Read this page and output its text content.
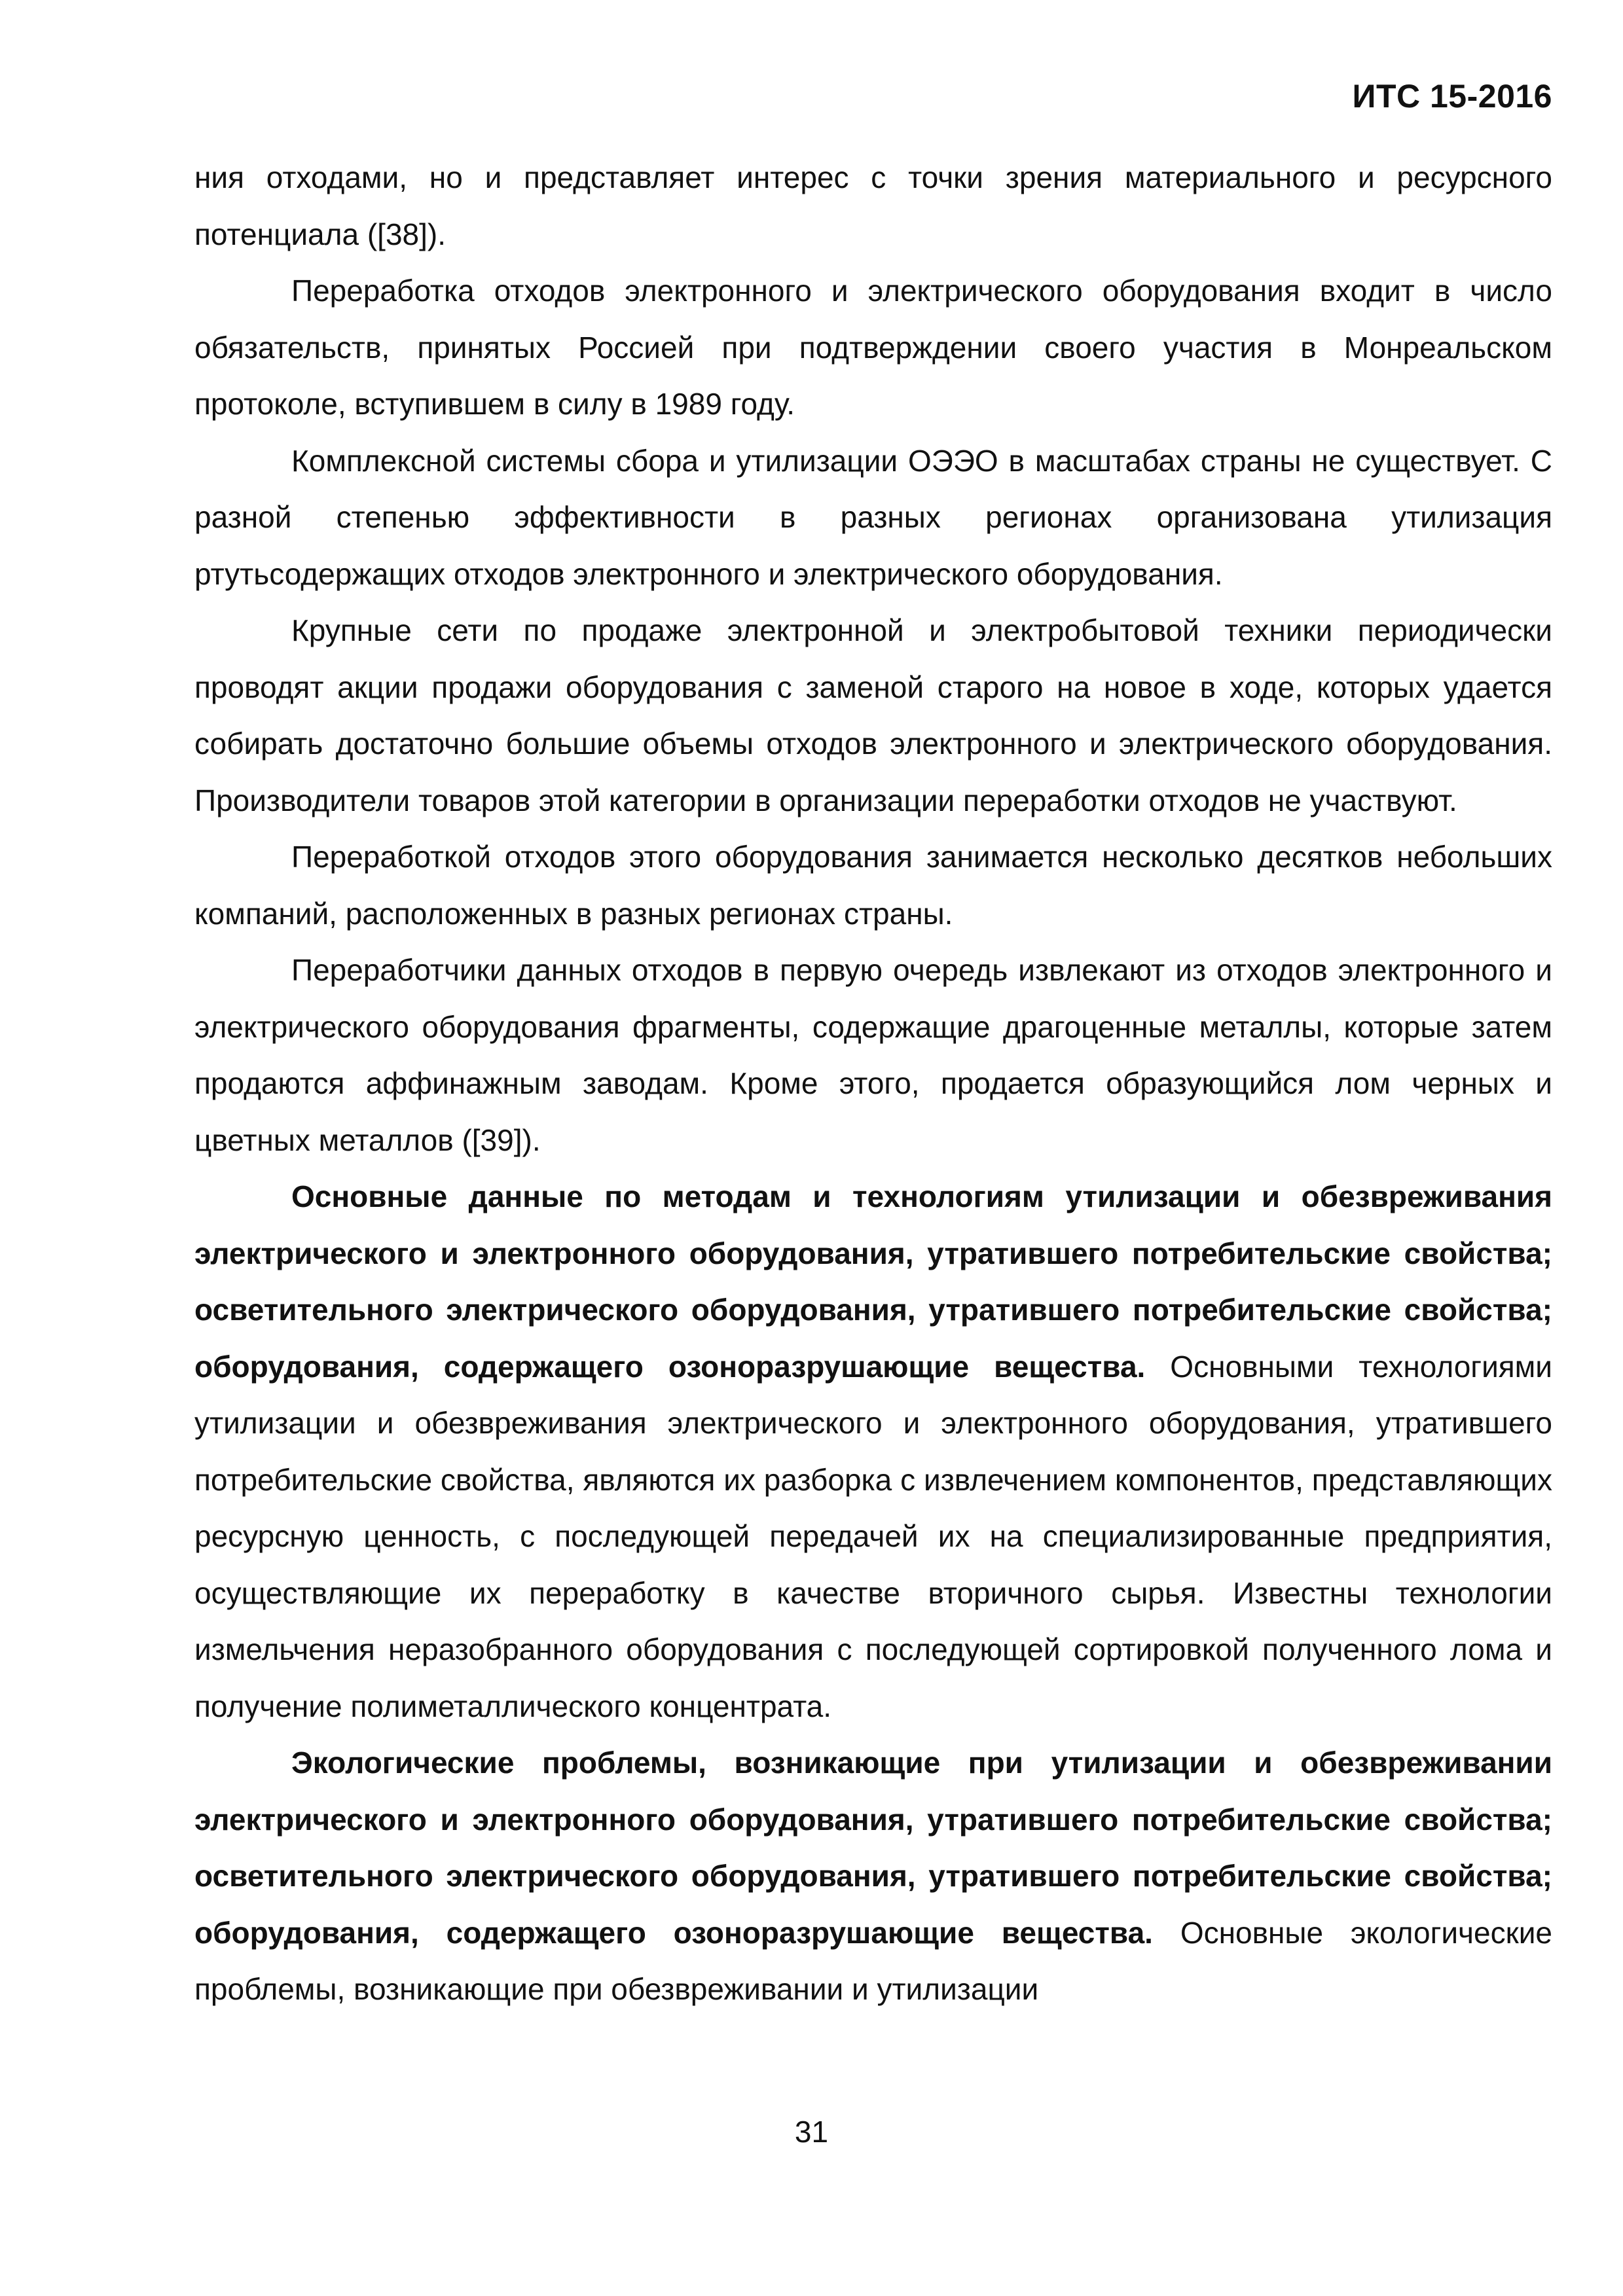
ИТС 15-2016

ния отходами, но и представляет интерес с точки зрения материального и ресурсного потенциала ([38]).

Переработка отходов электронного и электрического оборудования входит в число обязательств, принятых Россией при подтверждении своего участия в Монреальском протоколе, вступившем в силу в 1989 году.

Комплексной системы сбора и утилизации ОЭЭО в масштабах страны не существует. С разной степенью эффективности в разных регионах организована утилизация ртутьсодержащих отходов электронного и электрического оборудования.

Крупные сети по продаже электронной и электробытовой техники периодически проводят акции продажи оборудования с заменой старого на новое в ходе, которых удается собирать достаточно большие объемы отходов электронного и электрического оборудования. Производители товаров этой категории в организации переработки отходов не участвуют.

Переработкой отходов этого оборудования занимается несколько десятков небольших компаний, расположенных в разных регионах страны.

Переработчики данных отходов в первую очередь извлекают из отходов электронного и электрического оборудования фрагменты, содержащие драгоценные металлы, которые затем продаются аффинажным заводам. Кроме этого, продается образующийся лом черных и цветных металлов ([39]).

Основные данные по методам и технологиям утилизации и обезвреживания электрического и электронного оборудования, утратившего потребительские свойства; осветительного электрического оборудования, утратившего потребительские свойства; оборудования, содержащего озоноразрушающие вещества. Основными технологиями утилизации и обезвреживания электрического и электронного оборудования, утратившего потребительские свойства, являются их разборка с извлечением компонентов, представляющих ресурсную ценность, с последующей передачей их на специализированные предприятия, осуществляющие их переработку в качестве вторичного сырья. Известны технологии измельчения неразобранного оборудования с последующей сортировкой полученного лома и получение полиметаллического концентрата.

Экологические проблемы, возникающие при утилизации и обезвреживании электрического и электронного оборудования, утратившего потребительские свойства; осветительного электрического оборудования, утратившего потребительские свойства; оборудования, содержащего озоноразрушающие вещества. Основные экологические проблемы, возникающие при обезвреживании и утилизации

31
